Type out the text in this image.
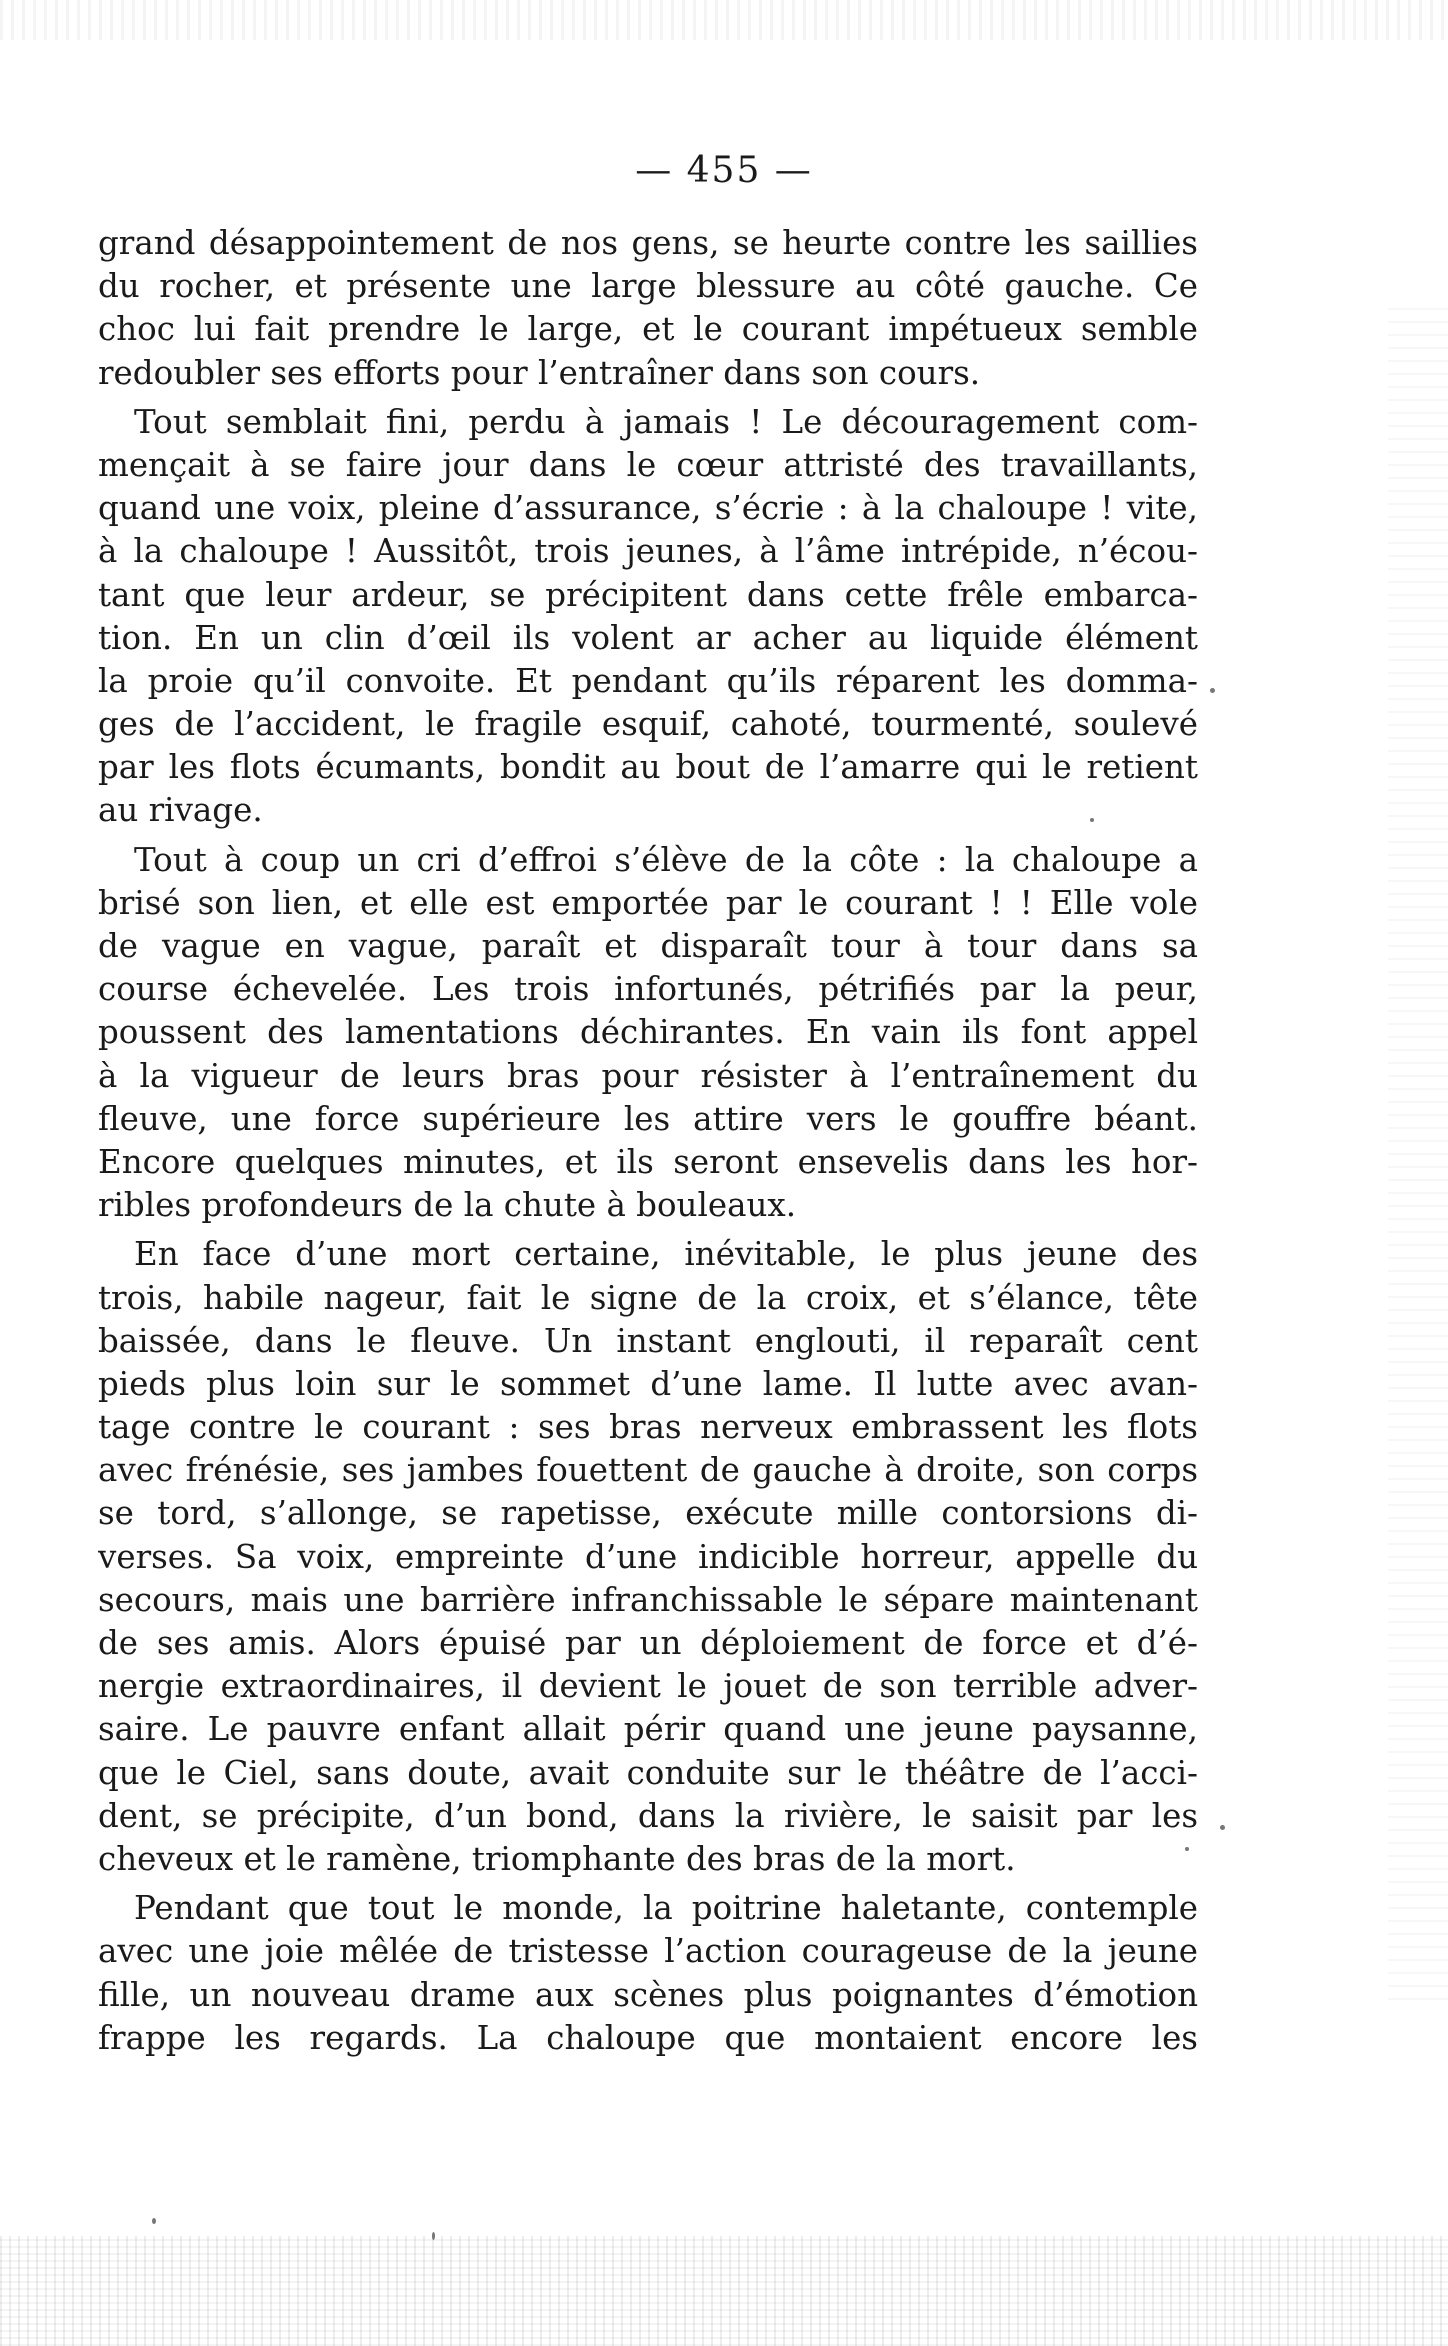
— 455 —
grand désappointement de nos gens, se heurte contre les saillies
du rocher, et présente une large blessure au côté gauche. Ce
choc lui fait prendre le large, et le courant impétueux semble
redoubler ses efforts pour l’entraîner dans son cours.
Tout semblait fini, perdu à jamais ! Le découragement com-
mençait à se faire jour dans le cœur attristé des travaillants,
quand une voix, pleine d’assurance, s’écrie : à la chaloupe ! vite,
à la chaloupe ! Aussitôt, trois jeunes, à l’âme intrépide, n’écou-
tant que leur ardeur, se précipitent dans cette frêle embarca-
tion. En un clin d’œil ils volent ar acher au liquide élément
la proie qu’il convoite. Et pendant qu’ils réparent les domma-
ges de l’accident, le fragile esquif, cahoté, tourmenté, soulevé
par les flots écumants, bondit au bout de l’amarre qui le retient
au rivage.
Tout à coup un cri d’effroi s’élève de la côte : la chaloupe a
brisé son lien, et elle est emportée par le courant ! ! Elle vole
de vague en vague, paraît et disparaît tour à tour dans sa
course échevelée. Les trois infortunés, pétrifiés par la peur,
poussent des lamentations déchirantes. En vain ils font appel
à la vigueur de leurs bras pour résister à l’entraînement du
fleuve, une force supérieure les attire vers le gouffre béant.
Encore quelques minutes, et ils seront ensevelis dans les hor-
ribles profondeurs de la chute à bouleaux.
En face d’une mort certaine, inévitable, le plus jeune des
trois, habile nageur, fait le signe de la croix, et s’élance, tête
baissée, dans le fleuve. Un instant englouti, il reparaît cent
pieds plus loin sur le sommet d’une lame. Il lutte avec avan-
tage contre le courant : ses bras nerveux embrassent les flots
avec frénésie, ses jambes fouettent de gauche à droite, son corps
se tord, s’allonge, se rapetisse, exécute mille contorsions di-
verses. Sa voix, empreinte d’une indicible horreur, appelle du
secours, mais une barrière infranchissable le sépare maintenant
de ses amis. Alors épuisé par un déploiement de force et d’é-
nergie extraordinaires, il devient le jouet de son terrible adver-
saire. Le pauvre enfant allait périr quand une jeune paysanne,
que le Ciel, sans doute, avait conduite sur le théâtre de l’acci-
dent, se précipite, d’un bond, dans la rivière, le saisit par les
cheveux et le ramène, triomphante des bras de la mort.
Pendant que tout le monde, la poitrine haletante, contemple
avec une joie mêlée de tristesse l’action courageuse de la jeune
fille, un nouveau drame aux scènes plus poignantes d’émotion
frappe les regards. La chaloupe que montaient encore les
